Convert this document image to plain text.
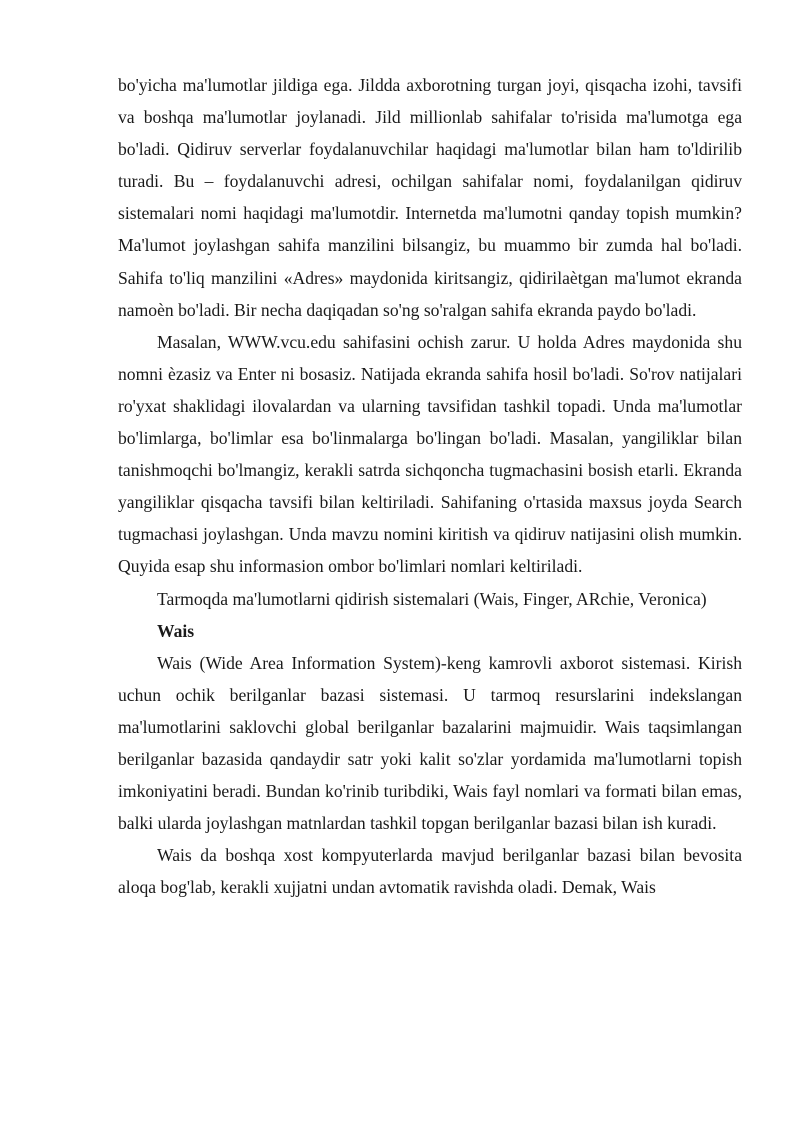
bo'yicha ma'lumotlar jildiga ega. Jildda axborotning turgan joyi, qisqacha izohi, tavsifi va boshqa ma'lumotlar joylanadi. Jild millionlab sahifalar to'risida ma'lumotga ega bo'ladi. Qidiruv serverlar foydalanuvchilar haqidagi ma'lumotlar bilan ham to'ldirilib turadi. Bu – foydalanuvchi adresi, ochilgan sahifalar nomi, foydalanilgan qidiruv sistemalari nomi haqidagi ma'lumotdir. Internetda ma'lumotni qanday topish mumkin? Ma'lumot joylashgan sahifa manzilini bilsangiz, bu muammo bir zumda hal bo'ladi. Sahifa to'liq manzilini «Adres» maydonida kiritsangiz, qidirilaètgan ma'lumot ekranda namoèn bo'ladi. Bir necha daqiqadan so'ng so'ralgan sahifa ekranda paydo bo'ladi.

Masalan, WWW.vcu.edu sahifasini ochish zarur. U holda Adres maydonida shu nomni èzasiz va Enter ni bosasiz. Natijada ekranda sahifa hosil bo'ladi. So'rov natijalari ro'yxat shaklidagi ilovalardan va ularning tavsifidan tashkil topadi. Unda ma'lumotlar bo'limlarga, bo'limlar esa bo'linmalarga bo'lingan bo'ladi. Masalan, yangiliklar bilan tanishmoqchi bo'lmangiz, kerakli satrda sichqoncha tugmachasini bosish etarli. Ekranda yangiliklar qisqacha tavsifi bilan keltiriladi. Sahifaning o'rtasida maxsus joyda Search tugmachasi joylashgan. Unda mavzu nomini kiritish va qidiruv natijasini olish mumkin. Quyida esap shu informasion ombor bo'limlari nomlari keltiriladi.

Tarmoqda ma'lumotlarni qidirish sistemalari (Wais, Finger, ARchie, Veronica)

Wais

Wais (Wide Area Information System)-keng kamrovli axborot sistemasi. Kirish uchun ochik berilganlar bazasi sistemasi. U tarmoq resurslarini indekslangan ma'lumotlarini saklovchi global berilganlar bazalarini majmuidir. Wais taqsimlangan berilganlar bazasida qandaydir satr yoki kalit so'zlar yordamida ma'lumotlarni topish imkoniyatini beradi. Bundan ko'rinib turibdiki, Wais fayl nomlari va formati bilan emas, balki ularda joylashgan matnlardan tashkil topgan berilganlar bazasi bilan ish kuradi.

Wais da boshqa xost kompyuterlarda mavjud berilganlar bazasi bilan bevosita aloqa bog'lab, kerakli xujjatni undan avtomatik ravishda oladi. Demak, Wais
